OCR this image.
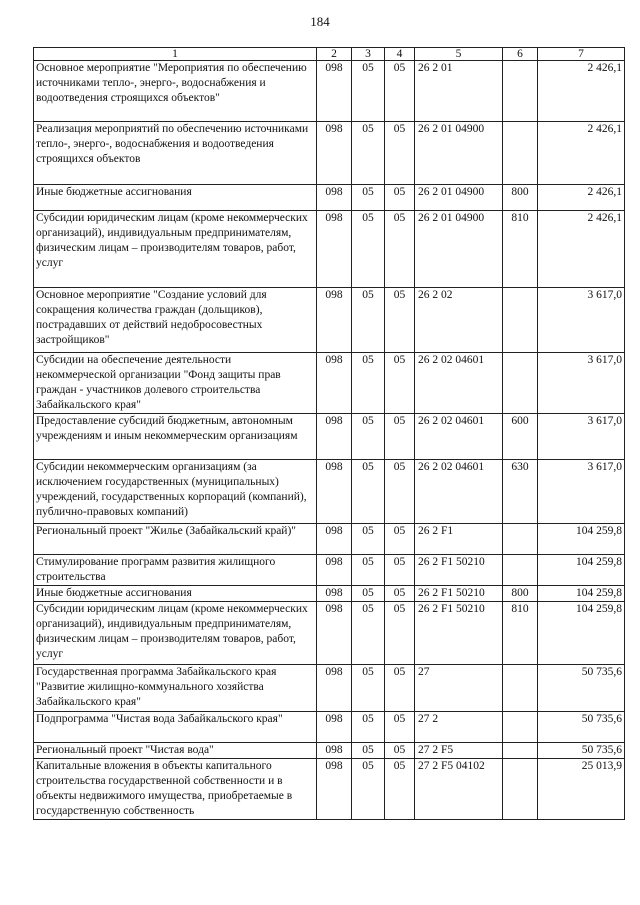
184
1	2	3	4	5	6	7
Основное мероприятие "Мероприятия по обеспечению источниками тепло-, энерго-, водоснабжения и водоотведения строящихся объектов"	098	05	05	26 2 01		2 426,1
Реализация мероприятий по обеспечению источниками тепло-, энерго-, водоснабжения и водоотведения строящихся объектов	098	05	05	26 2 01 04900		2 426,1
Иные бюджетные ассигнования	098	05	05	26 2 01 04900	800	2 426,1
Субсидии юридическим лицам (кроме некоммерческих организаций), индивидуальным предпринимателям, физическим лицам – производителям товаров, работ, услуг	098	05	05	26 2 01 04900	810	2 426,1
Основное мероприятие "Создание условий для сокращения количества граждан (дольщиков), пострадавших от действий недобросовестных застройщиков"	098	05	05	26 2 02		3 617,0
Субсидии на обеспечение деятельности некоммерческой организации "Фонд защиты прав граждан - участников долевого строительства Забайкальского края"	098	05	05	26 2 02 04601		3 617,0
Предоставление субсидий бюджетным, автономным учреждениям и иным некоммерческим организациям	098	05	05	26 2 02 04601	600	3 617,0
Субсидии некоммерческим организациям (за исключением государственных (муниципальных) учреждений, государственных корпораций (компаний), публично-правовых компаний)	098	05	05	26 2 02 04601	630	3 617,0
Региональный проект "Жилье (Забайкальский край)"	098	05	05	26 2 F1		104 259,8
Стимулирование программ развития жилищного строительства	098	05	05	26 2 F1 50210		104 259,8
Иные бюджетные ассигнования	098	05	05	26 2 F1 50210	800	104 259,8
Субсидии юридическим лицам (кроме некоммерческих организаций), индивидуальным предпринимателям, физическим лицам – производителям товаров, работ, услуг	098	05	05	26 2 F1 50210	810	104 259,8
Государственная программа Забайкальского края "Развитие жилищно-коммунального хозяйства Забайкальского края"	098	05	05	27		50 735,6
Подпрограмма "Чистая вода Забайкальского края"	098	05	05	27 2		50 735,6
Региональный проект "Чистая вода"	098	05	05	27 2 F5		50 735,6
Капитальные вложения в объекты капитального строительства государственной собственности и в объекты недвижимого имущества, приобретаемые в государственную собственность	098	05	05	27 2 F5 04102		25 013,9
